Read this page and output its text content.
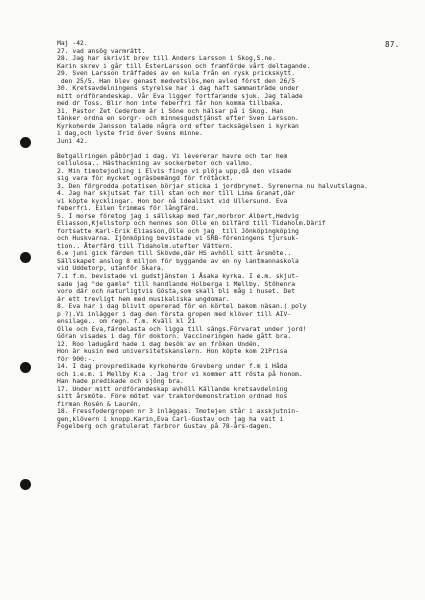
87.
Maj -42.
27. vad ansög varmrätt.
28. Jag har skrivit brev till Anders Larsson i Skog,S.ne.
Karin skrev i går till EsterLarsson och framförde vårt deltagande.
29. Sven Larsson träffades av en kula från en rysk prickskytt.
den 25/5. Han blev genast medvetslös,men avled först den 26/5
30. Kretsavdelningens styrelse har i dag haft sammanträde under
mitt ordförandeskap. Vår Eva ligger fortfarande sjuk. Jag talade
med dr Toss. Blir hon inte feberfri får hon komma tillbaka.
31. Pastor Zet Cederbom är i Söne och hälsar på i Skog. Han
tänker ordna en sorgr- och minnesgudstjänst efter Sven Larsson.
Kyrkoherde Jansson talade några ord efter tacksägelsen i kyrkan
i dag,och lyste frid över Svens minne.
Juni 42.
Betgallringen påbörjad i dag. Vi levererar havre och tar hem
cellulosa.. Hästhackning av sockerbetor och vallmo.
2. Min timotejodling i Elvis fingo vi plöja upp,då den visade
sig vara för mycket ogräsbemängd för frötäckt.
3. Den förgrodda potatisen börjar sticka i jordbrynet. Syrenerna nu halvutslagna.
4. Jag har skjutsat far till stan och mor till Lima Granat,där
vi köpte kycklingar. Hon bor nå idealiskt vid Ullersund. Eva
feberfri. Eilen trimmas för långfärd.
5. I morse företog jag i sällskap med far,morbror Albert,Hedvig
Eliasson,Kjellstorp och hennes son Olle en bilfärd till Tidaholm.Därif
fortsatte Karl-Erik Eliasson,Olle och jag  till Jönköpingköping
och Huskvarna. Ijönköping bevistade vi SRB-föreningens tjursuk-
tion.. Återfärd till Tidaholm.utefter Vättern.
6.e juni gick färden till Skövde,där HS avhöll sitt årsmöte..
Sällskapet anslog 8 miljon för byggande av en ny lantmannaskola
vid Uddetorp, utanför Skara.
7.i f.m. bevistade vi gudstjänsten i Åsaka kyrka. I e.m. skjut-
sade jag "de gamle" till handlande Holberga i Mellby. Stöhenra
voro där och naturligtvis Gösta,som skall bli måg i huset. Det
är ett trevligt hem med musikaliska ungdomar.
8. Eva har i dag blivit opererad för en körtel bakom näsan.( poly
p ?).Vi inlägger i dag den första gropen med klöver till AIV-
ensilage.. om regn. f.m. Kväll kl 21
Olle och Eva,färdelasta och ligga till sängs.Förvarat under jord!
Göran visades i dag för doktorn. Vaccineringen hade gått bra.
12. Roo ladugård hade i dag besök av en fröken Undén.
Hon är kusin med universitetskanslern. Hon köpte kom 21Prisa
för 900:-.
14. I dag provpredikade kyrkoherde Grevberg under f.m i Håda
och i.e.m. i Mellby K:a . Jag tror vi kommer att rösta på honom.
Han hade predikade och sjöng bra.
17. Under mitt ordförandeskap avhöll Källande kretsavdelning
sitt årsmöte. Före mötet var traktordemonstration ordnad hos
firman Rosén & Laurén.
18. Fressfodergropen nr 3 inläggas. Tmotejen står i axskjutnin-
gen,klövern i knopp.Karin,Eva Carl-Gustav och jag ha vait i
Fogelberg och gratulerat farbror Gustav på 78-års-dagen.
